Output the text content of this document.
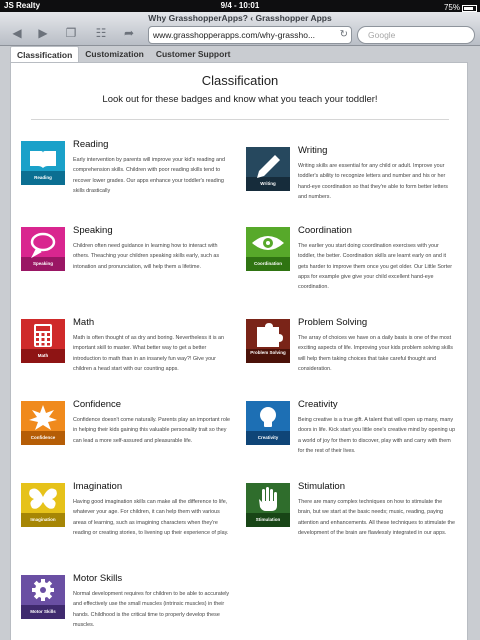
JS Realty	9/4 - 10:01	75%
Why GrasshopperApps? ‹ Grasshopper Apps
◀	▶	❐	☷	➦	www.grasshopperapps.com/why-grassho... ↻	Google
Classification	Customization	Customer Support
Classification
Look out for these badges and know what you teach your toddler!
Reading
Reading
Early intervention by parents will improve your kid's reading and comprehension skills. Children with poor reading skills tend to recover lower grades. Our apps enhance your toddler's reading skills drastically
Writing
Writing
Writing skills are essential for any child or adult. Improve your toddler's ability to recognize letters and number and his or her hand-eye coordination so that they're able to form better letters and numbers.
Speaking
Speaking
Children often need guidance in learning how to interact with others. Theaching your children speaking skills early, such as intonation and pronunciation, will help them a lifetime.
Coordination
Coordination
The earlier you start doing coordination exercises with your toddler, the better. Coordination skills are learnt early on and it gets harder to improve them once you get older. Our Little Sorter apps for example give give your child excellent hand-eye coordination.
Math
Math
Math is often thought of as dry and boring. Nevertheless it is an important skill to master. What better way to get a better introduction to math than in an insanely fun way?! Give your children a head start with our counting apps.
Problem Solving
Problem Solving
The array of choices we have on a daily basis is one of the most exciting aspects of life. Improving your kids problem solving skills will help them taking choices that take careful thought and consideration.
Confidence
Confidence
Confidence doesn't come naturally. Parents play an important role in helping their kids gaining this valuable personality trait so they can lead a more self-assured and pleasurable life.
Creativity
Creativity
Being creative is a true gift. A talent that will open up many, many doors in life. Kick start you little one's creative mind by opening up a world of joy for them to discover, play with and carry with them for the rest of their lives.
Imagination
Imagination
Having good imagination skills can make all the difference to life, whatever your age. For children, it can help them with various areas of learning, such as imagining characters when they're reading or creating stories, to livening up their experience of play.
Stimulation
Stimulation
There are many complex techniques on how to stimulate the brain, but we start at the basic needs; music, reading, paying attention and enhancements. All these techniques to stimulate the development of the brain are flawlessly integrated in our apps.
Motor Skills
Motor Skills
Normal development requires for children to be able to accurately and effectively use the small muscles (intrinsic muscles) in their hands. Childhood is the critical time to properly develop these muscles.
